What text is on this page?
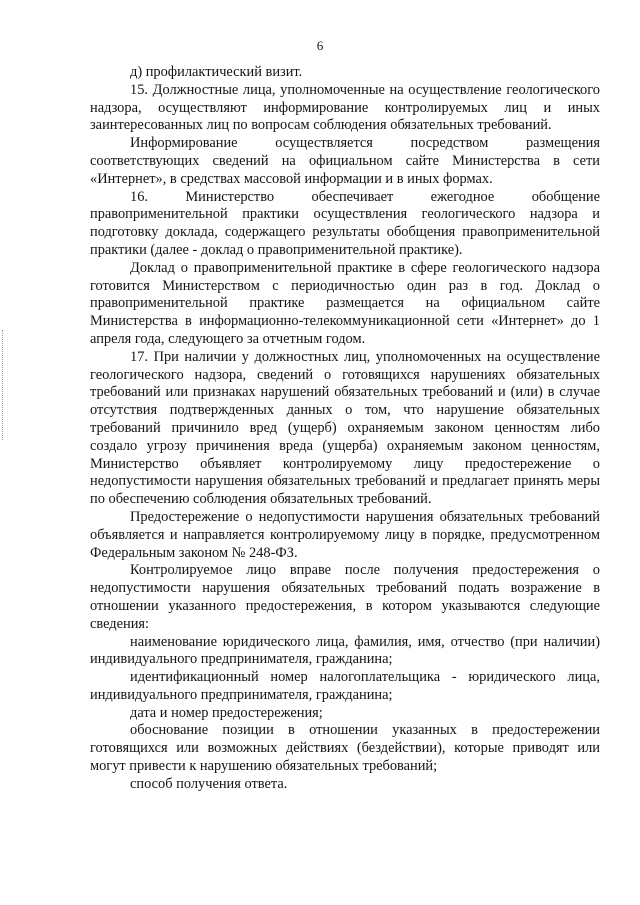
6

д) профилактический визит.

15. Должностные лица, уполномоченные на осуществление геологического надзора, осуществляют информирование контролируемых лиц и иных заинтересованных лиц по вопросам соблюдения обязательных требований.

Информирование осуществляется посредством размещения соответствующих сведений на официальном сайте Министерства в сети «Интернет», в средствах массовой информации и в иных формах.

16. Министерство обеспечивает ежегодное обобщение правоприменительной практики осуществления геологического надзора и подготовку доклада, содержащего результаты обобщения правоприменительной практики (далее - доклад о правоприменительной практике).

Доклад о правоприменительной практике в сфере геологического надзора готовится Министерством с периодичностью один раз в год. Доклад о правоприменительной практике размещается на официальном сайте Министерства в информационно-телекоммуникационной сети «Интернет» до 1 апреля года, следующего за отчетным годом.

17. При наличии у должностных лиц, уполномоченных на осуществление геологического надзора, сведений о готовящихся нарушениях обязательных требований или признаках нарушений обязательных требований и (или) в случае отсутствия подтвержденных данных о том, что нарушение обязательных требований причинило вред (ущерб) охраняемым законом ценностям либо создало угрозу причинения вреда (ущерба) охраняемым законом ценностям, Министерство объявляет контролируемому лицу предостережение о недопустимости нарушения обязательных требований и предлагает принять меры по обеспечению соблюдения обязательных требований.

Предостережение о недопустимости нарушения обязательных требований объявляется и направляется контролируемому лицу в порядке, предусмотренном Федеральным законом № 248-ФЗ.

Контролируемое лицо вправе после получения предостережения о недопустимости нарушения обязательных требований подать возражение в отношении указанного предостережения, в котором указываются следующие сведения:

наименование юридического лица, фамилия, имя, отчество (при наличии) индивидуального предпринимателя, гражданина;

идентификационный номер налогоплательщика - юридического лица, индивидуального предпринимателя, гражданина;

дата и номер предостережения;

обоснование позиции в отношении указанных в предостережении готовящихся или возможных действиях (бездействии), которые приводят или могут привести к нарушению обязательных требований;

способ получения ответа.
